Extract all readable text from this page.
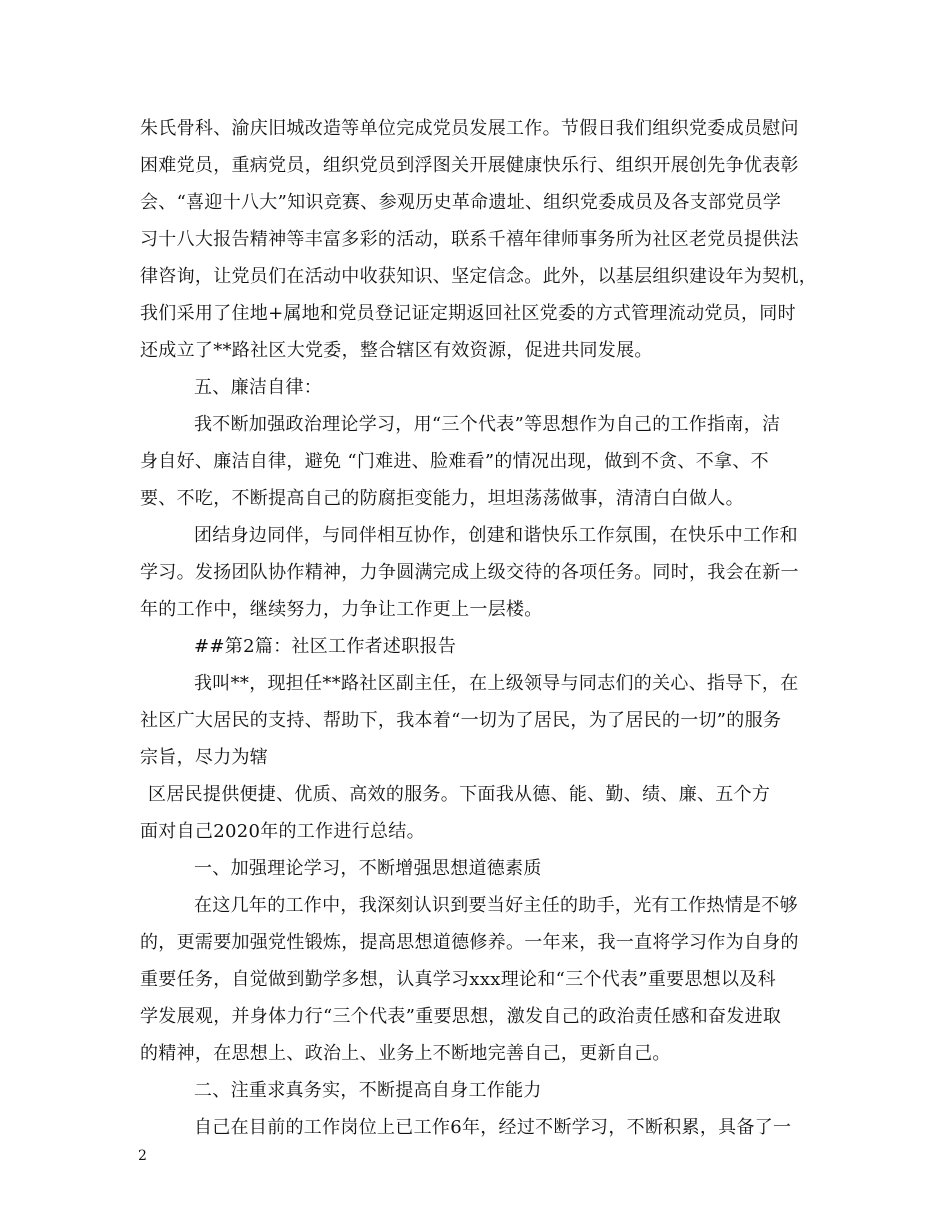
朱氏骨科、渝庆旧城改造等单位完成党员发展工作。节假日我们组织党委成员慰问
困难党员，重病党员，组织党员到浮图关开展健康快乐行、组织开展创先争优表彰
会、“喜迎十八大”知识竞赛、参观历史革命遗址、组织党委成员及各支部党员学
习十八大报告精神等丰富多彩的活动，联系千禧年律师事务所为社区老党员提供法
律咨询，让党员们在活动中收获知识、坚定信念。此外，以基层组织建设年为契机，
我们采用了住地+属地和党员登记证定期返回社区党委的方式管理流动党员，同时
还成立了**路社区大党委，整合辖区有效资源，促进共同发展。
五、廉洁自律：
我不断加强政治理论学习，用“三个代表”等思想作为自己的工作指南，洁
身自好、廉洁自律，避免 “门难进、脸难看”的情况出现，做到不贪、不拿、不
要、不吃，不断提高自己的防腐拒变能力，坦坦荡荡做事，清清白白做人。
团结身边同伴，与同伴相互协作，创建和谐快乐工作氛围，在快乐中工作和
学习。发扬团队协作精神，力争圆满完成上级交待的各项任务。同时，我会在新一
年的工作中，继续努力，力争让工作更上一层楼。
##第2篇：社区工作者述职报告
我叫**，现担任**路社区副主任，在上级领导与同志们的关心、指导下，在
社区广大居民的支持、帮助下，我本着“一切为了居民，为了居民的一切”的服务
宗旨，尽力为辖
区居民提供便捷、优质、高效的服务。下面我从德、能、勤、绩、廉、五个方
面对自己2020年的工作进行总结。
一、加强理论学习，不断增强思想道德素质
在这几年的工作中，我深刻认识到要当好主任的助手，光有工作热情是不够
的，更需要加强党性锻炼，提高思想道德修养。一年来，我一直将学习作为自身的
重要任务，自觉做到勤学多想，认真学习xxx理论和“三个代表”重要思想以及科
学发展观，并身体力行“三个代表”重要思想，激发自己的政治责任感和奋发进取
的精神，在思想上、政治上、业务上不断地完善自己，更新自己。
二、注重求真务实，不断提高自身工作能力
自己在目前的工作岗位上已工作6年，经过不断学习，不断积累，具备了一
2
